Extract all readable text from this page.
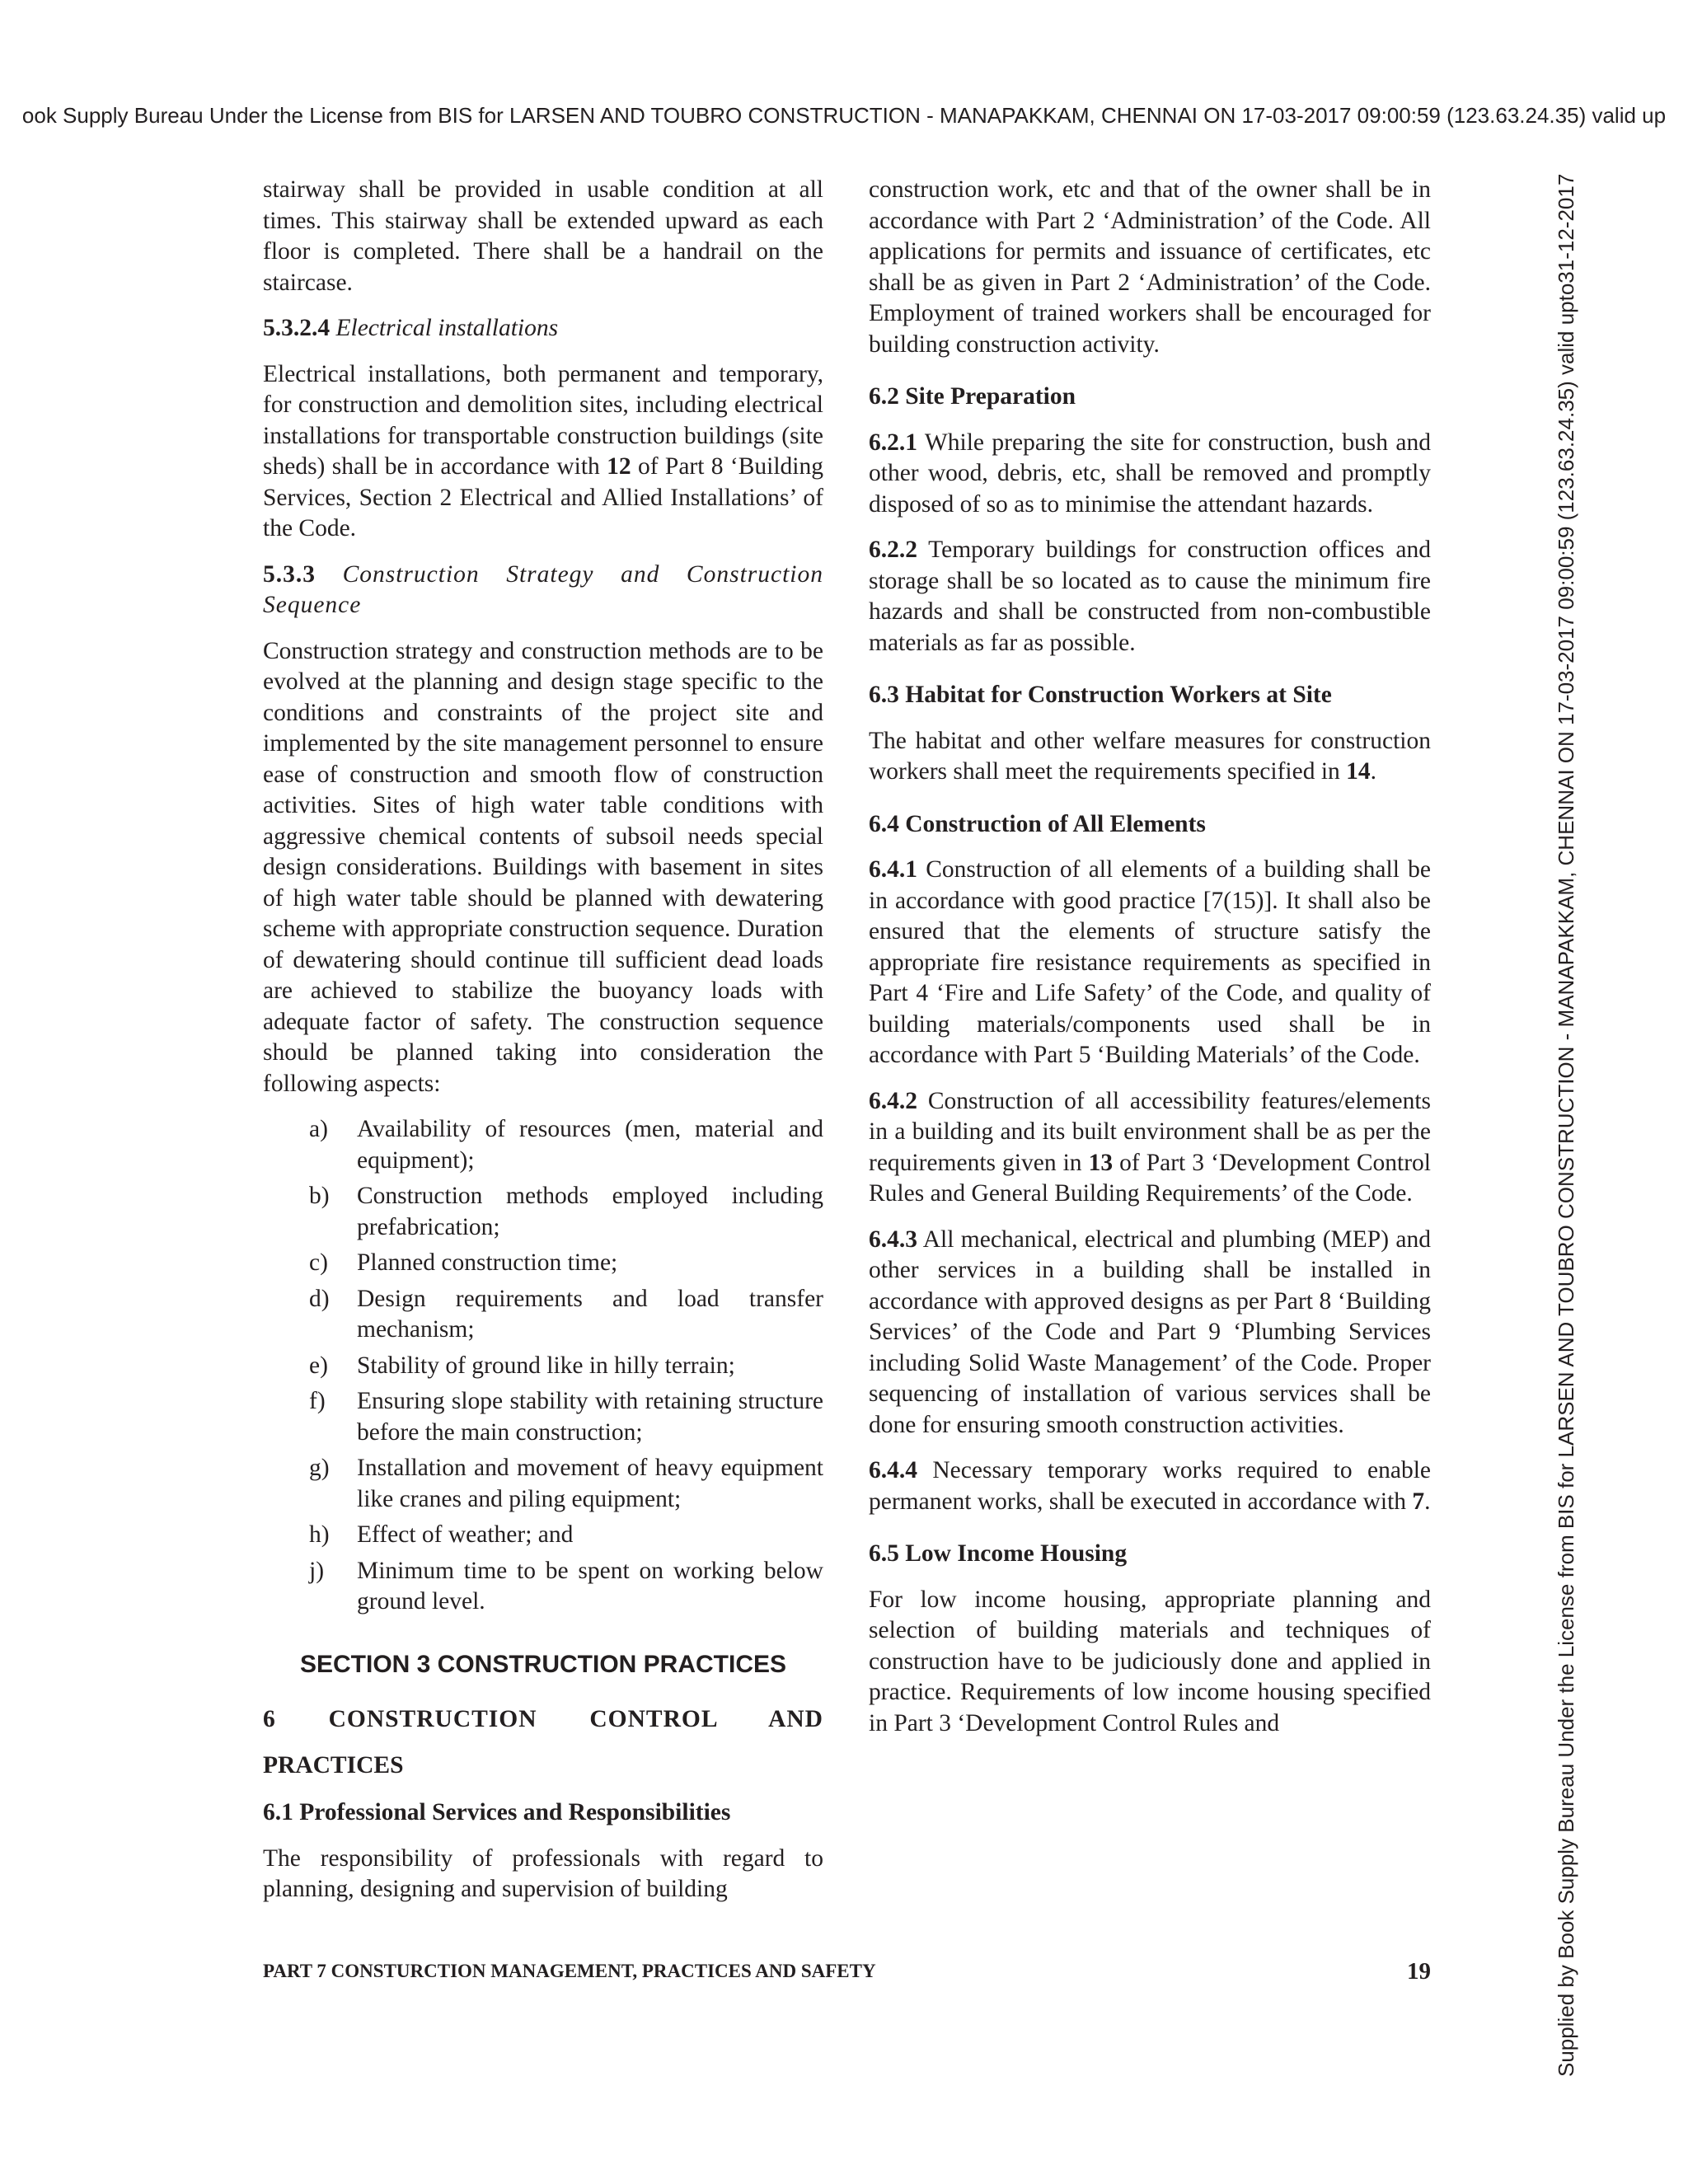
ook Supply Bureau Under the License from BIS for LARSEN AND TOUBRO CONSTRUCTION - MANAPAKKAM, CHENNAI ON 17-03-2017 09:00:59 (123.63.24.35) valid up
Supplied by Book Supply Bureau Under the License from BIS for LARSEN AND TOUBRO CONSTRUCTION - MANAPAKKAM, CHENNAI ON 17-03-2017 09:00:59 (123.63.24.35) valid upto31-12-2017

stairway shall be provided in usable condition at all times. This stairway shall be extended upward as each floor is completed. There shall be a handrail on the staircase.

5.3.2.4 Electrical installations

Electrical installations, both permanent and temporary, for construction and demolition sites, including electrical installations for transportable construction buildings (site sheds) shall be in accordance with 12 of Part 8 ‘Building Services, Section 2 Electrical and Allied Installations’ of the Code.

5.3.3 Construction Strategy and Construction Sequence

Construction strategy and construction methods are to be evolved at the planning and design stage specific to the conditions and constraints of the project site and implemented by the site management personnel to ensure ease of construction and smooth flow of construction activities. Sites of high water table conditions with aggressive chemical contents of subsoil needs special design considerations. Buildings with basement in sites of high water table should be planned with dewatering scheme with appropriate construction sequence. Duration of dewatering should continue till sufficient dead loads are achieved to stabilize the buoyancy loads with adequate factor of safety. The construction sequence should be planned taking into consideration the following aspects:

a) Availability of resources (men, material and equipment);
b) Construction methods employed including prefabrication;
c) Planned construction time;
d) Design requirements and load transfer mechanism;
e) Stability of ground like in hilly terrain;
f) Ensuring slope stability with retaining structure before the main construction;
g) Installation and movement of heavy equipment like cranes and piling equipment;
h) Effect of weather; and
j) Minimum time to be spent on working below ground level.
SECTION 3 CONSTRUCTION PRACTICES

6 CONSTRUCTION CONTROL AND

PRACTICES

6.1 Professional Services and Responsibilities

The responsibility of professionals with regard to planning, designing and supervision of building

construction work, etc and that of the owner shall be in accordance with Part 2 ‘Administration’ of the Code. All applications for permits and issuance of certificates, etc shall be as given in Part 2 ‘Administration’ of the Code. Employment of trained workers shall be encouraged for building construction activity.

6.2 Site Preparation

6.2.1 While preparing the site for construction, bush and other wood, debris, etc, shall be removed and promptly disposed of so as to minimise the attendant hazards.

6.2.2 Temporary buildings for construction offices and storage shall be so located as to cause the minimum fire hazards and shall be constructed from non-combustible materials as far as possible.

6.3 Habitat for Construction Workers at Site

The habitat and other welfare measures for construction workers shall meet the requirements specified in 14.

6.4 Construction of All Elements

6.4.1 Construction of all elements of a building shall be in accordance with good practice [7(15)]. It shall also be ensured that the elements of structure satisfy the appropriate fire resistance requirements as specified in Part 4 ‘Fire and Life Safety’ of the Code, and quality of building materials/components used shall be in accordance with Part 5 ‘Building Materials’ of the Code.

6.4.2 Construction of all accessibility features/elements in a building and its built environment shall be as per the requirements given in 13 of Part 3 ‘Development Control Rules and General Building Requirements’ of the Code.

6.4.3 All mechanical, electrical and plumbing (MEP) and other services in a building shall be installed in accordance with approved designs as per Part 8 ‘Building Services’ of the Code and Part 9 ‘Plumbing Services including Solid Waste Management’ of the Code. Proper sequencing of installation of various services shall be done for ensuring smooth construction activities.

6.4.4 Necessary temporary works required to enable permanent works, shall be executed in accordance with 7.

6.5 Low Income Housing

For low income housing, appropriate planning and selection of building materials and techniques of construction have to be judiciously done and applied in practice. Requirements of low income housing specified in Part 3 ‘Development Control Rules and

PART 7 CONSTURCTION MANAGEMENT, PRACTICES AND SAFETY	19
